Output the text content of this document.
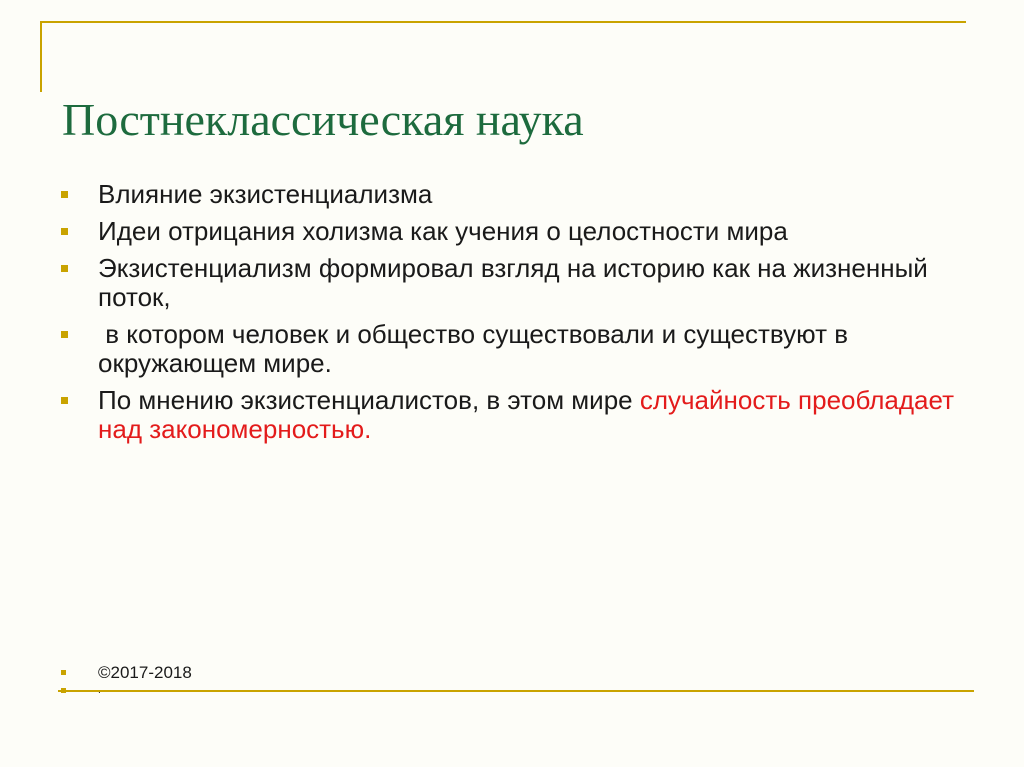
Постнеклассическая наука
Влияние экзистенциализма
Идеи отрицания холизма как учения о целостности мира
Экзистенциализм формировал взгляд на историю как на жизненный поток,
в котором человек и общество существовали и существуют в окружающем мире.
По мнению экзистенциалистов, в этом мире случайность преобладает над закономерностью.
©2017-2018
